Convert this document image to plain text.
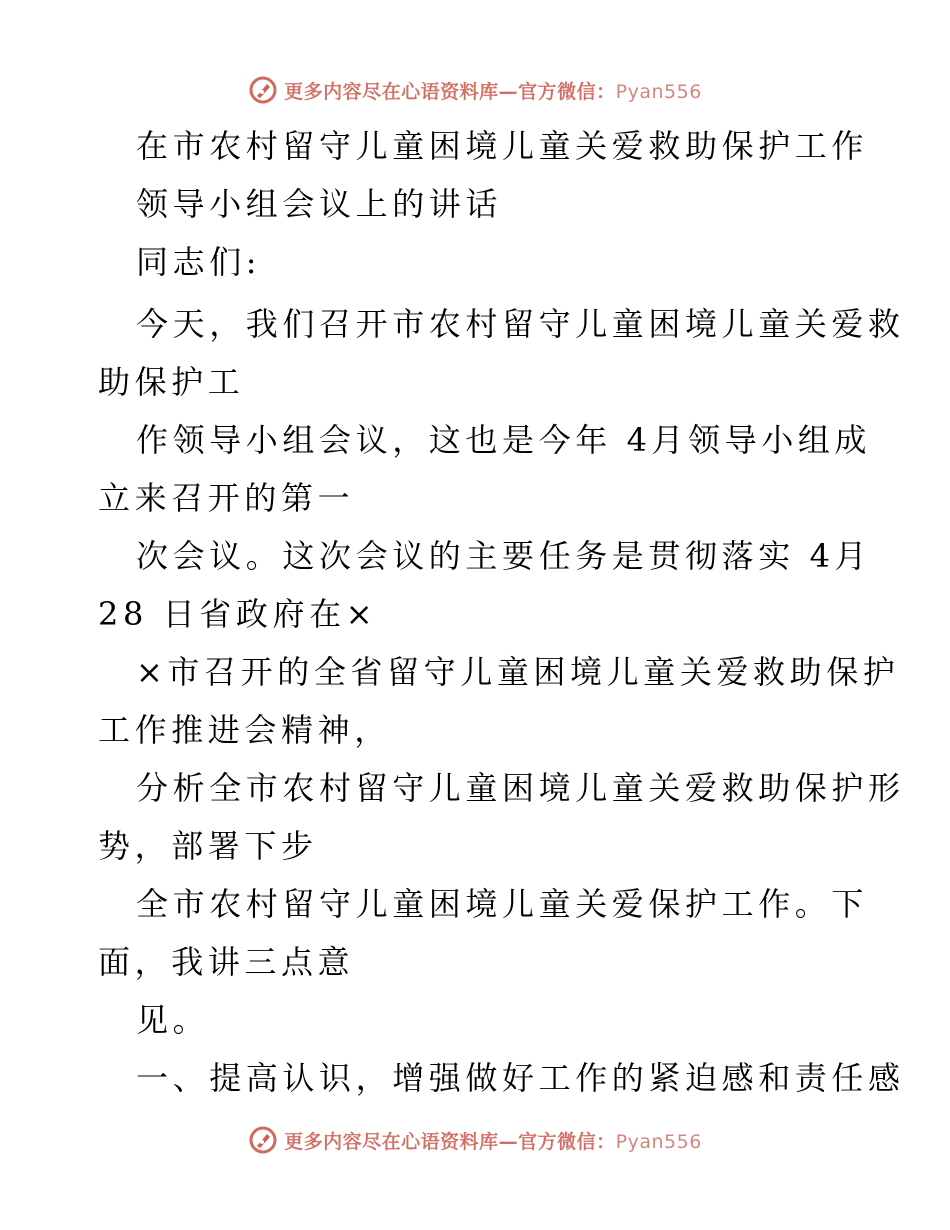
更多内容尽在心语资料库—官方微信：Pyan556
在市农村留守儿童困境儿童关爱救助保护工作
领导小组会议上的讲话
同志们:
今天，我们召开市农村留守儿童困境儿童关爱救
助保护工
作领导小组会议，这也是今年 4月领导小组成
立来召开的第一
次会议。这次会议的主要任务是贯彻落实 4月
28 日省政府在×
×市召开的全省留守儿童困境儿童关爱救助保护
工作推进会精神，
分析全市农村留守儿童困境儿童关爱救助保护形
势，部署下步
全市农村留守儿童困境儿童关爱保护工作。下
面，我讲三点意
见。
一、提高认识，增强做好工作的紧迫感和责任感
更多内容尽在心语资料库—官方微信：Pyan556
